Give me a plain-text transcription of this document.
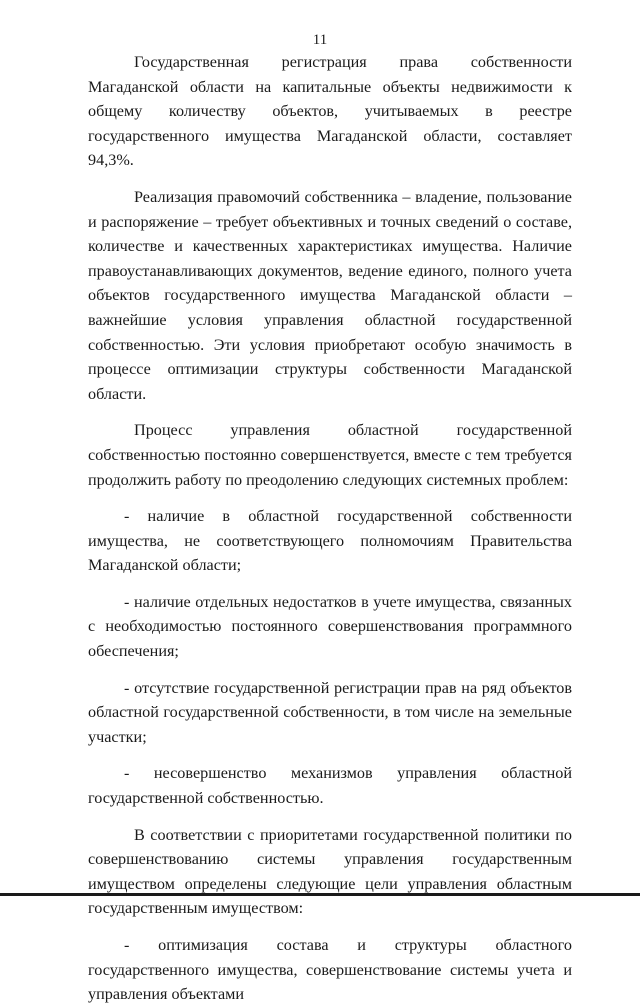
11

Государственная регистрация права собственности Магаданской области на капитальные объекты недвижимости к общему количеству объектов, учитываемых в реестре государственного имущества Магаданской области, составляет 94,3%.

Реализация правомочий собственника – владение, пользование и распоряжение – требует объективных и точных сведений о составе, количестве и качественных характеристиках имущества. Наличие правоустанавливающих документов, ведение единого, полного учета объектов государственного имущества Магаданской области – важнейшие условия управления областной государственной собственностью. Эти условия приобретают особую значимость в процессе оптимизации структуры собственности Магаданской области.

Процесс управления областной государственной собственностью постоянно совершенствуется, вместе с тем требуется продолжить работу по преодолению следующих системных проблем:

- наличие в областной государственной собственности имущества, не соответствующего полномочиям Правительства Магаданской области;

- наличие отдельных недостатков в учете имущества, связанных с необходимостью постоянного совершенствования программного обеспечения;

- отсутствие государственной регистрации прав на ряд объектов областной государственной собственности, в том числе на земельные участки;

- несовершенство механизмов управления областной государственной собственностью.

В соответствии с приоритетами государственной политики по совершенствованию системы управления государственным имуществом определены следующие цели управления областным государственным имуществом:

- оптимизация состава и структуры областного государственного имущества, совершенствование системы учета и управления объектами
